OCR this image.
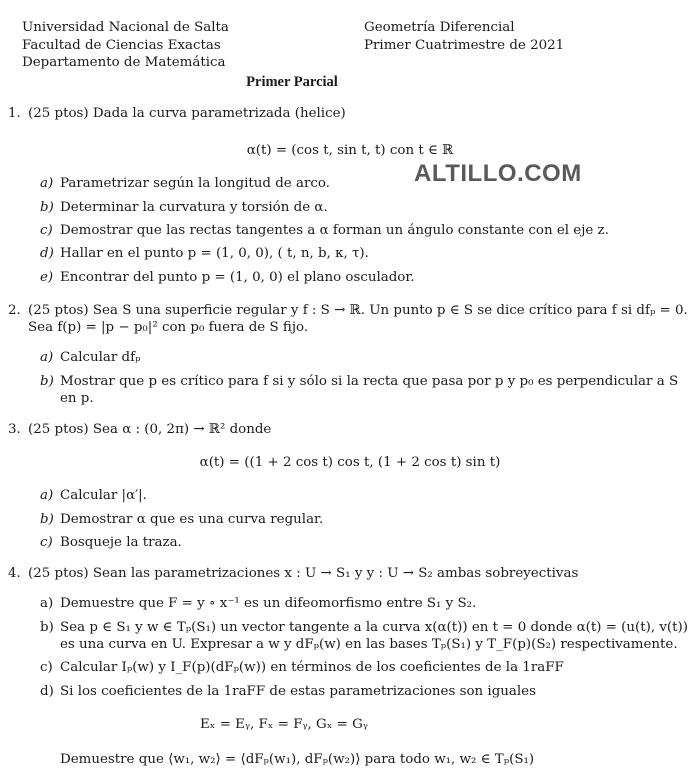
Universidad Nacional de Salta
Facultad de Ciencias Exactas
Departamento de Matemática
Geometría Diferencial
Primer Cuatrimestre de 2021
Primer Parcial
ALTILLO.COM
1. (25 ptos) Dada la curva parametrizada (helice)
α(t) = (cos t, sin t, t) con t ∈ ℝ
a) Parametrizar según la longitud de arco.
b) Determinar la curvatura y torsión de α.
c) Demostrar que las rectas tangentes a α forman un ángulo constante con el eje z.
d) Hallar en el punto p = (1, 0, 0), ( t, n, b, κ, τ).
e) Encontrar del punto p = (1, 0, 0) el plano osculador.
2. (25 ptos) Sea S una superficie regular y f : S → ℝ. Un punto p ∈ S se dice crítico para f si dfₚ = 0.
Sea f(p) = |p − p₀|² con p₀ fuera de S fijo.
a) Calcular dfₚ
b) Mostrar que p es crítico para f si y sólo si la recta que pasa por p y p₀ es perpendicular a S
en p.
3. (25 ptos) Sea α : (0, 2π) → ℝ² donde
α(t) = ((1 + 2 cos t) cos t, (1 + 2 cos t) sin t)
a) Calcular |α′|.
b) Demostrar α que es una curva regular.
c) Bosqueje la traza.
4. (25 ptos) Sean las parametrizaciones x : U → S₁ y y : U → S₂ ambas sobreyectivas
a) Demuestre que F = y ∘ x⁻¹ es un difeomorfismo entre S₁ y S₂.
b) Sea p ∈ S₁ y w ∈ Tₚ(S₁) un vector tangente a la curva x(α(t)) en t = 0 donde α(t) = (u(t), v(t))
es una curva en U. Expresar a w y dFₚ(w) en las bases Tₚ(S₁) y T_F(p)(S₂) respectivamente.
c) Calcular Iₚ(w) y I_F(p)(dFₚ(w)) en términos de los coeficientes de la 1raFF
d) Si los coeficientes de la 1raFF de estas parametrizaciones son iguales
Eₓ = Eᵧ, Fₓ = Fᵧ, Gₓ = Gᵧ
Demuestre que ⟨w₁, w₂⟩ = ⟨dFₚ(w₁), dFₚ(w₂)⟩ para todo w₁, w₂ ∈ Tₚ(S₁)
